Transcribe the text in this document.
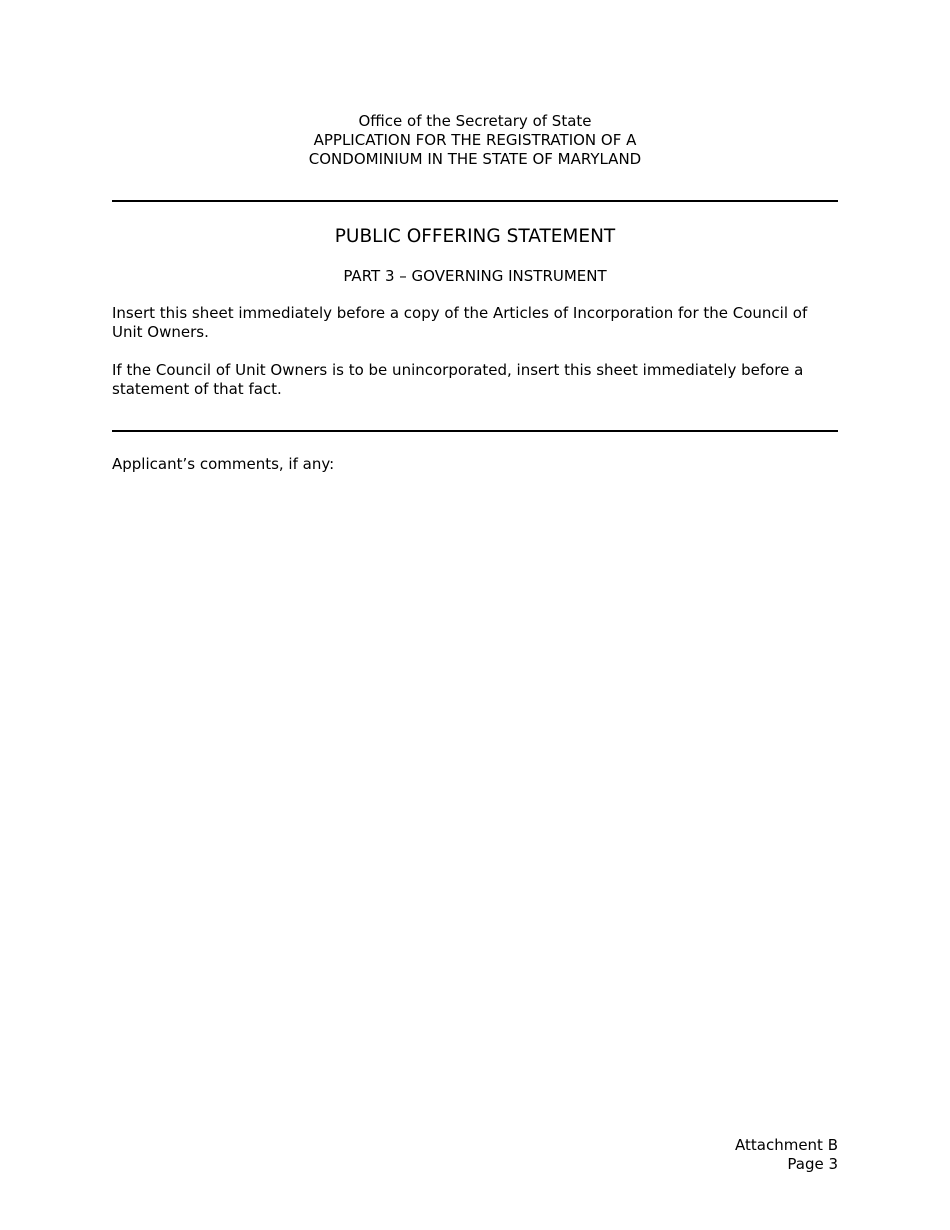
Office of the Secretary of State
APPLICATION FOR THE REGISTRATION OF A
CONDOMINIUM IN THE STATE OF MARYLAND
PUBLIC OFFERING STATEMENT
PART 3 – GOVERNING INSTRUMENT
Insert this sheet immediately before a copy of the Articles of Incorporation for the Council of
Unit Owners.
If the Council of Unit Owners is to be unincorporated, insert this sheet immediately before a
statement of that fact.
Applicant’s comments, if any:
Attachment B
Page 3
